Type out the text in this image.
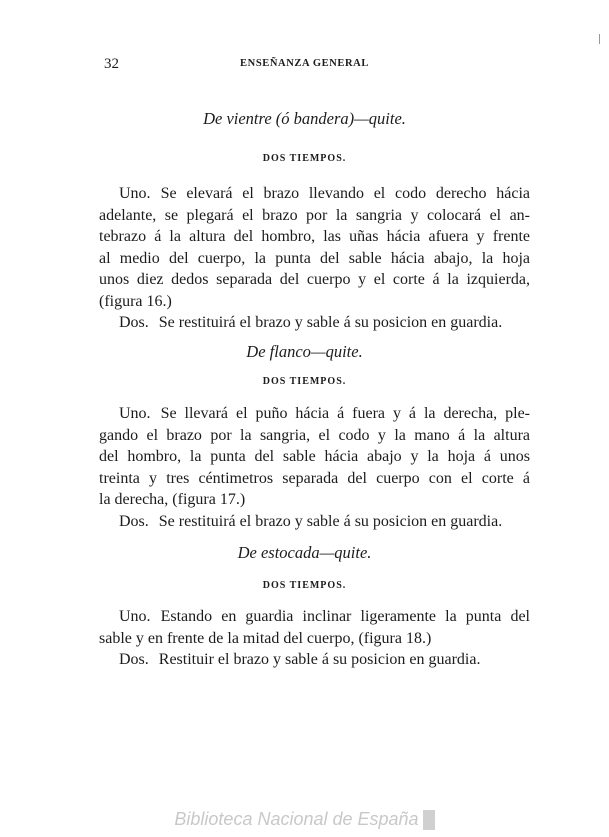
32	ENSEÑANZA GENERAL
De vientre (ó bandera)—quite.
DOS TIEMPOS.
Uno. Se elevará el brazo llevando el codo derecho hácia
adelante, se plegará el brazo por la sangria y colocará el an-
tebrazo á la altura del hombro, las uñas hácia afuera y frente
al medio del cuerpo, la punta del sable hácia abajo, la hoja
unos diez dedos separada del cuerpo y el corte á la izquierda,
(figura 16.)
Dos. Se restituirá el brazo y sable á su posicion en guardia.
De flanco—quite.
DOS TIEMPOS.
Uno. Se llevará el puño hácia á fuera y á la derecha, ple-
gando el brazo por la sangria, el codo y la mano á la altura
del hombro, la punta del sable hácia abajo y la hoja á unos
treinta y tres céntimetros separada del cuerpo con el corte á
la derecha, (figura 17.)
Dos. Se restituirá el brazo y sable á su posicion en guardia.
De estocada—quite.
DOS TIEMPOS.
Uno. Estando en guardia inclinar ligeramente la punta del
sable y en frente de la mitad del cuerpo, (figura 18.)
Dos. Restituir el brazo y sable á su posicion en guardia.
Biblioteca Nacional de España
